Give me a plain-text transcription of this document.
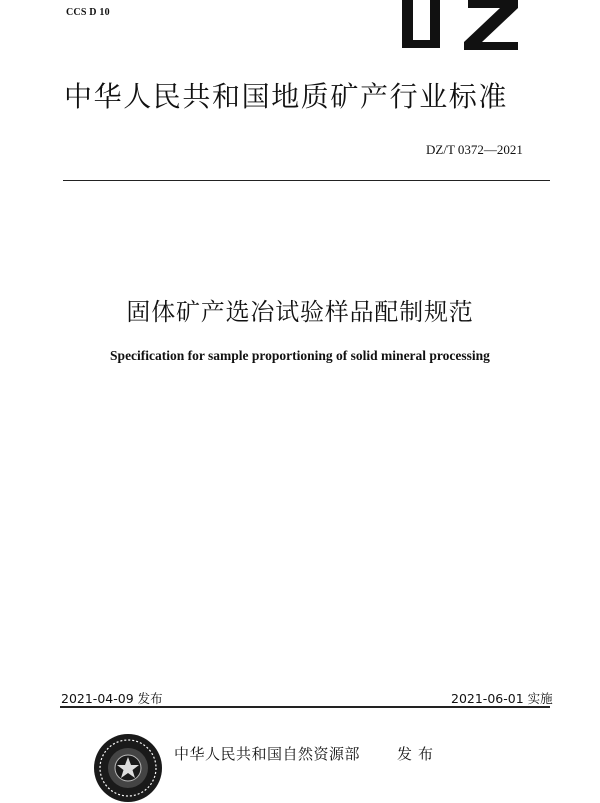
CCS D 10
中华人民共和国地质矿产行业标准
DZ/T 0372—2021
固体矿产选冶试验样品配制规范
Specification for sample proportioning of solid mineral processing
2021-04-09 发布	2021-06-01 实施
中华人民共和国自然资源部 发布
